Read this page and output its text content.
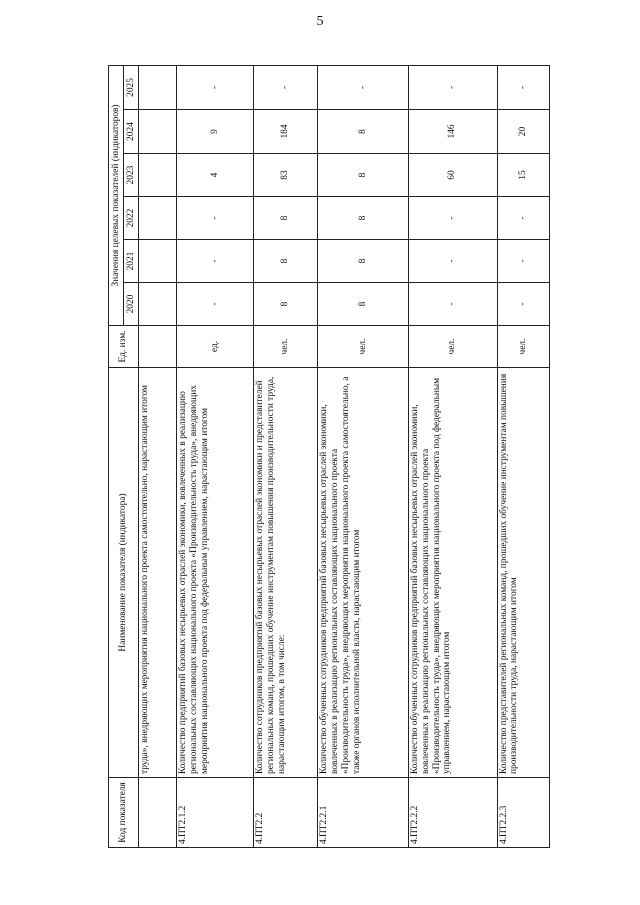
5
Код показателя	Наименование показателя (индикатора)	Ед. изм.	Значения целевых показателей (индикаторов)					
			2020	2021	2022	2023	2024	2025
	труда», внедряющих мероприятия национального проекта самостоятельно, нарастающим итогом							
4.ПТ2.1.2	Количество предприятий базовых несырьевых отраслей экономики, вовлеченных в реализацию региональных составляющих национального проекта «Производительность труда», внедряющих мероприятия национального проекта под федеральным управлением, нарастающим итогом	ед.	-	-	-	4	9	-
4.ПТ2.2	Количество сотрудников предприятий базовых несырьевых отраслей экономики и представителей региональных команд, прошедших обучение инструментам повышения производительности труда, нарастающим итогом, в том числе:	чел.	8	8	8	83	184	-
4.ПТ2.2.1	Количество обученных сотрудников предприятий базовых несырьевых отраслей экономики, вовлеченных в реализацию региональных составляющих национального проекта «Производительность труда», внедряющих мероприятия национального проекта самостоятельно, а также органов исполнительной власти, нарастающим итогом	чел.	8	8	8	8	8	-
4.ПТ2.2.2	Количество обученных сотрудников предприятий базовых несырьевых отраслей экономики, вовлеченных в реализацию региональных составляющих национального проекта «Производительность труда», внедряющих мероприятия национального проекта под федеральным управлением, нарастающим итогом	чел.	-	-	-	60	146	-
4.ПТ2.2.3	Количество представителей региональных команд, прошедших обучение инструментам повышения производительности труда, нарастающим итогом	чел.	-	-	-	15	20	-
